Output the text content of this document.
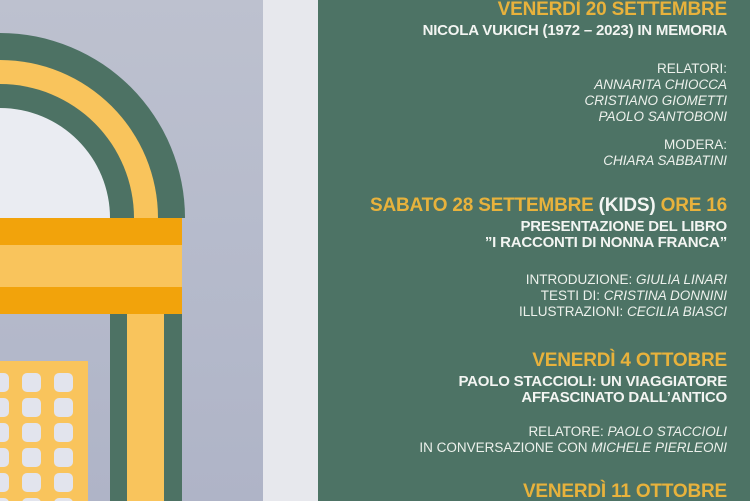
VENERDÌ 20 SETTEMBRE
NICOLA VUKICH (1972 – 2023) IN MEMORIA
RELATORI:
ANNARITA CHIOCCA
CRISTIANO GIOMETTI
PAOLO SANTOBONI
MODERA:
CHIARA SABBATINI
SABATO 28 SETTEMBRE (KIDS) ORE 16
PRESENTAZIONE DEL LIBRO
”I RACCONTI DI NONNA FRANCA”
INTRODUZIONE: GIULIA LINARI
TESTI DI: CRISTINA DONNINI
ILLUSTRAZIONI: CECILIA BIASCI
VENERDÌ 4 OTTOBRE
PAOLO STACCIOLI: UN VIAGGIATORE
AFFASCINATO DALL’ANTICO
RELATORE: PAOLO STACCIOLI
IN CONVERSAZIONE CON MICHELE PIERLEONI
VENERDÌ 11 OTTOBRE
